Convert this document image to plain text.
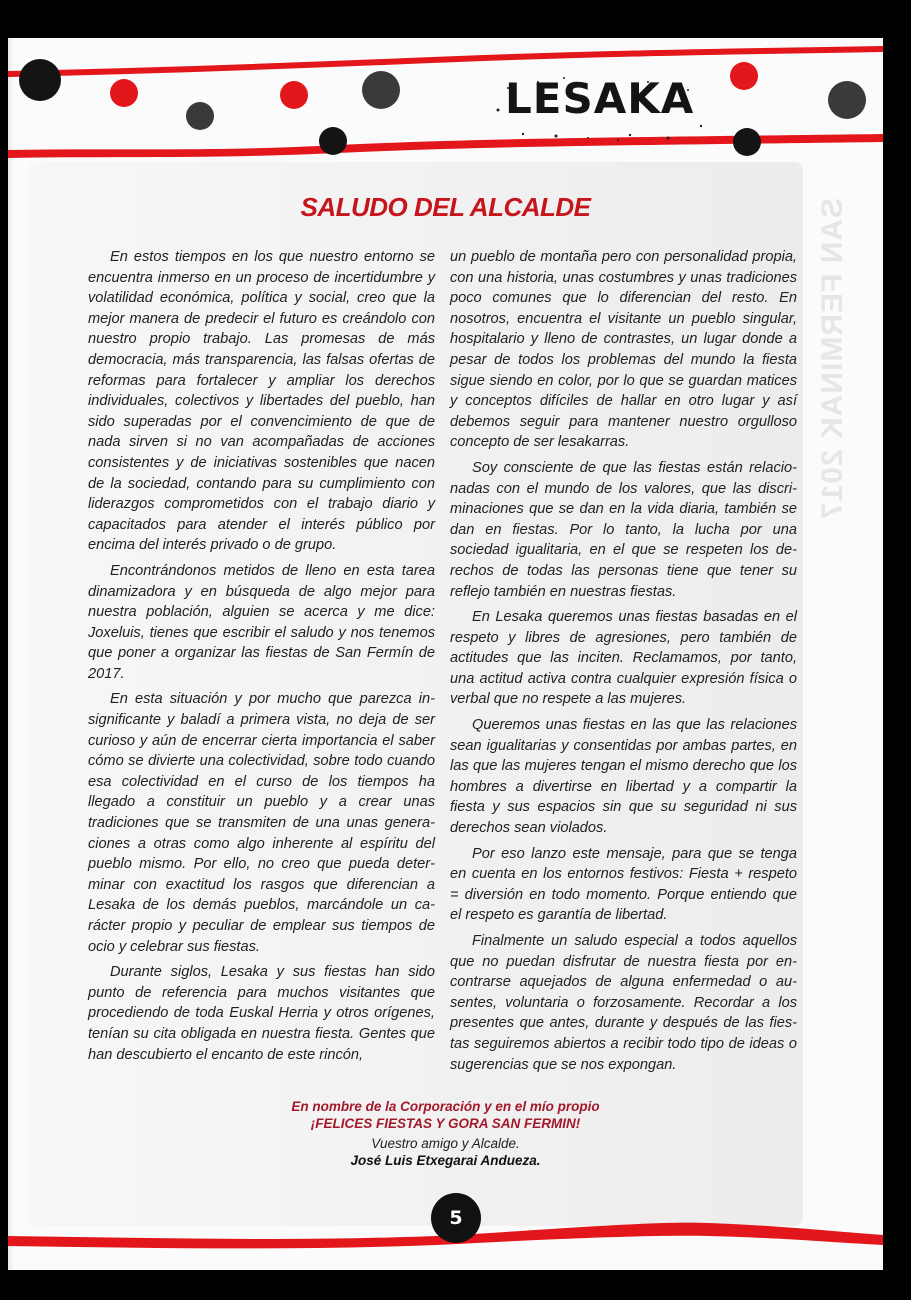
SAN FERMINAK 2017
LESAKA
SALUDO DEL ALCALDE

En estos tiempos en los que nuestro entorno se encuentra inmerso en un proceso de incertidumbre y volatilidad económica, política y social, creo que la mejor manera de predecir el futuro es creándolo con nuestro propio trabajo. Las promesas de más democracia, más transparencia, las falsas ofertas de reformas para fortalecer y ampliar los derechos individuales, colectivos y libertades del pueblo, han sido superadas por el convencimiento de que de nada sirven si no van acompañadas de acciones consistentes y de iniciativas sostenibles que nacen de la sociedad, contando para su cumplimiento con liderazgos comprometidos con el trabajo diario y capacitados para atender el interés público por encima del interés privado o de grupo.

Encontrándonos metidos de lleno en esta tarea dinamizadora y en búsqueda de algo mejor para nuestra población, alguien se acerca y me dice: Joxeluis, tienes que escribir el saludo y nos tenemos que poner a organizar las fiestas de San Fermín de 2017.

En esta situación y por mucho que parezca insignificante y baladí a primera vista, no deja de ser curioso y aún de encerrar cierta importancia el saber cómo se divierte una colectividad, sobre todo cuando esa colectividad en el curso de los tiempos ha llegado a constituir un pueblo y a crear unas tradiciones que se transmiten de una unas generaciones a otras como algo inherente al espíritu del pueblo mismo. Por ello, no creo que pueda determinar con exactitud los rasgos que diferencian a Lesaka de los demás pueblos, marcándole un carácter propio y peculiar de emplear sus tiempos de ocio y celebrar sus fiestas.

Durante siglos, Lesaka y sus fiestas han sido punto de referencia para muchos visitantes que procediendo de toda Euskal Herria y otros orígenes, tenían su cita obligada en nuestra fiesta. Gentes que han descubierto el encanto de este rincón,

un pueblo de montaña pero con personalidad propia, con una historia, unas costumbres y unas tradiciones poco comunes que lo diferencian del resto. En nosotros, encuentra el visitante un pueblo singular, hospitalario y lleno de contrastes, un lugar donde a pesar de todos los problemas del mundo la fiesta sigue siendo en color, por lo que se guardan matices y conceptos difíciles de hallar en otro lugar y así debemos seguir para mantener nuestro orgulloso concepto de ser lesakarras.

Soy consciente de que las fiestas están relacionadas con el mundo de los valores, que las discriminaciones que se dan en la vida diaria, también se dan en fiestas. Por lo tanto, la lucha por una sociedad igualitaria, en el que se respeten los derechos de todas las personas tiene que tener su reflejo también en nuestras fiestas.

En Lesaka queremos unas fiestas basadas en el respeto y libres de agresiones, pero también de actitudes que las inciten. Reclamamos, por tanto, una actitud activa contra cualquier expresión física o verbal que no respete a las mujeres.

Queremos unas fiestas en las que las relaciones sean igualitarias y consentidas por ambas partes, en las que las mujeres tengan el mismo derecho que los hombres a divertirse en libertad y a compartir la fiesta y sus espacios sin que su seguridad ni sus derechos sean violados.

Por eso lanzo este mensaje, para que se tenga en cuenta en los entornos festivos: Fiesta + respeto = diversión en todo momento. Porque entiendo que el respeto es garantía de libertad.

Finalmente un saludo especial a todos aquellos que no puedan disfrutar de nuestra fiesta por encontrarse aquejados de alguna enfermedad o ausentes, voluntaria o forzosamente. Recordar a los presentes que antes, durante y después de las fiestas seguiremos abiertos a recibir todo tipo de ideas o sugerencias que se nos expongan.

En nombre de la Corporación y en el mío propio
¡FELICES FIESTAS Y GORA SAN FERMIN!
Vuestro amigo y Alcalde.
José Luis Etxegarai Andueza.
5
